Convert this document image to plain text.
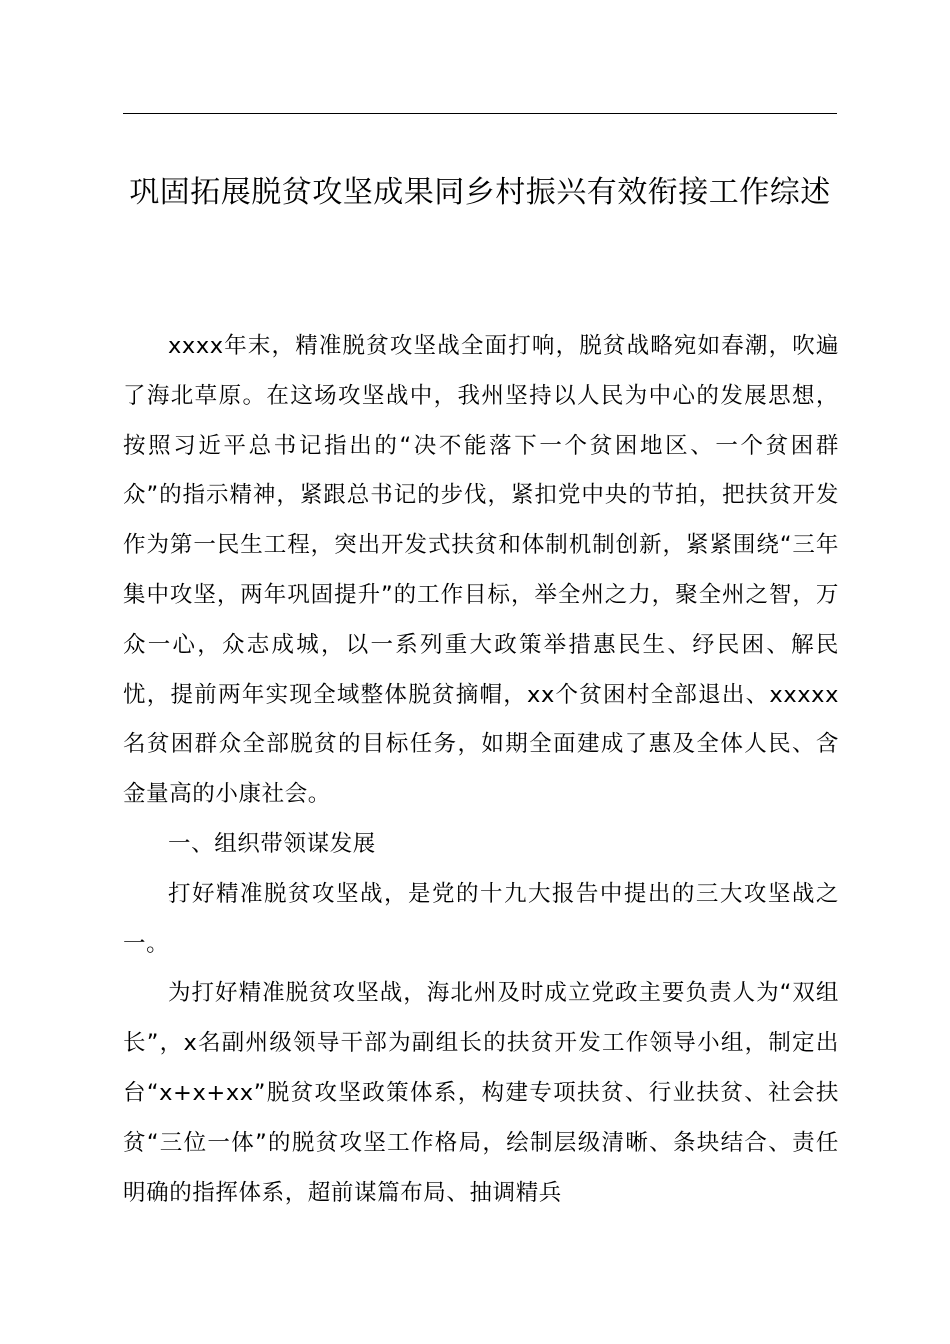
巩固拓展脱贫攻坚成果同乡村振兴有效衔接工作综述

xxxx年末，精准脱贫攻坚战全面打响，脱贫战略宛如春潮，吹遍了海北草原。在这场攻坚战中，我州坚持以人民为中心的发展思想，按照习近平总书记指出的“决不能落下一个贫困地区、一个贫困群众”的指示精神，紧跟总书记的步伐，紧扣党中央的节拍，把扶贫开发作为第一民生工程，突出开发式扶贫和体制机制创新，紧紧围绕“三年集中攻坚，两年巩固提升”的工作目标，举全州之力，聚全州之智，万众一心，众志成城，以一系列重大政策举措惠民生、纾民困、解民忧，提前两年实现全域整体脱贫摘帽，xx个贫困村全部退出、xxxxx名贫困群众全部脱贫的目标任务，如期全面建成了惠及全体人民、含金量高的小康社会。

一、组织带领谋发展

打好精准脱贫攻坚战，是党的十九大报告中提出的三大攻坚战之一。

为打好精准脱贫攻坚战，海北州及时成立党政主要负责人为“双组长”，x名副州级领导干部为副组长的扶贫开发工作领导小组，制定出台“x+x+xx”脱贫攻坚政策体系，构建专项扶贫、行业扶贫、社会扶贫“三位一体”的脱贫攻坚工作格局，绘制层级清晰、条块结合、责任明确的指挥体系，超前谋篇布局、抽调精兵
